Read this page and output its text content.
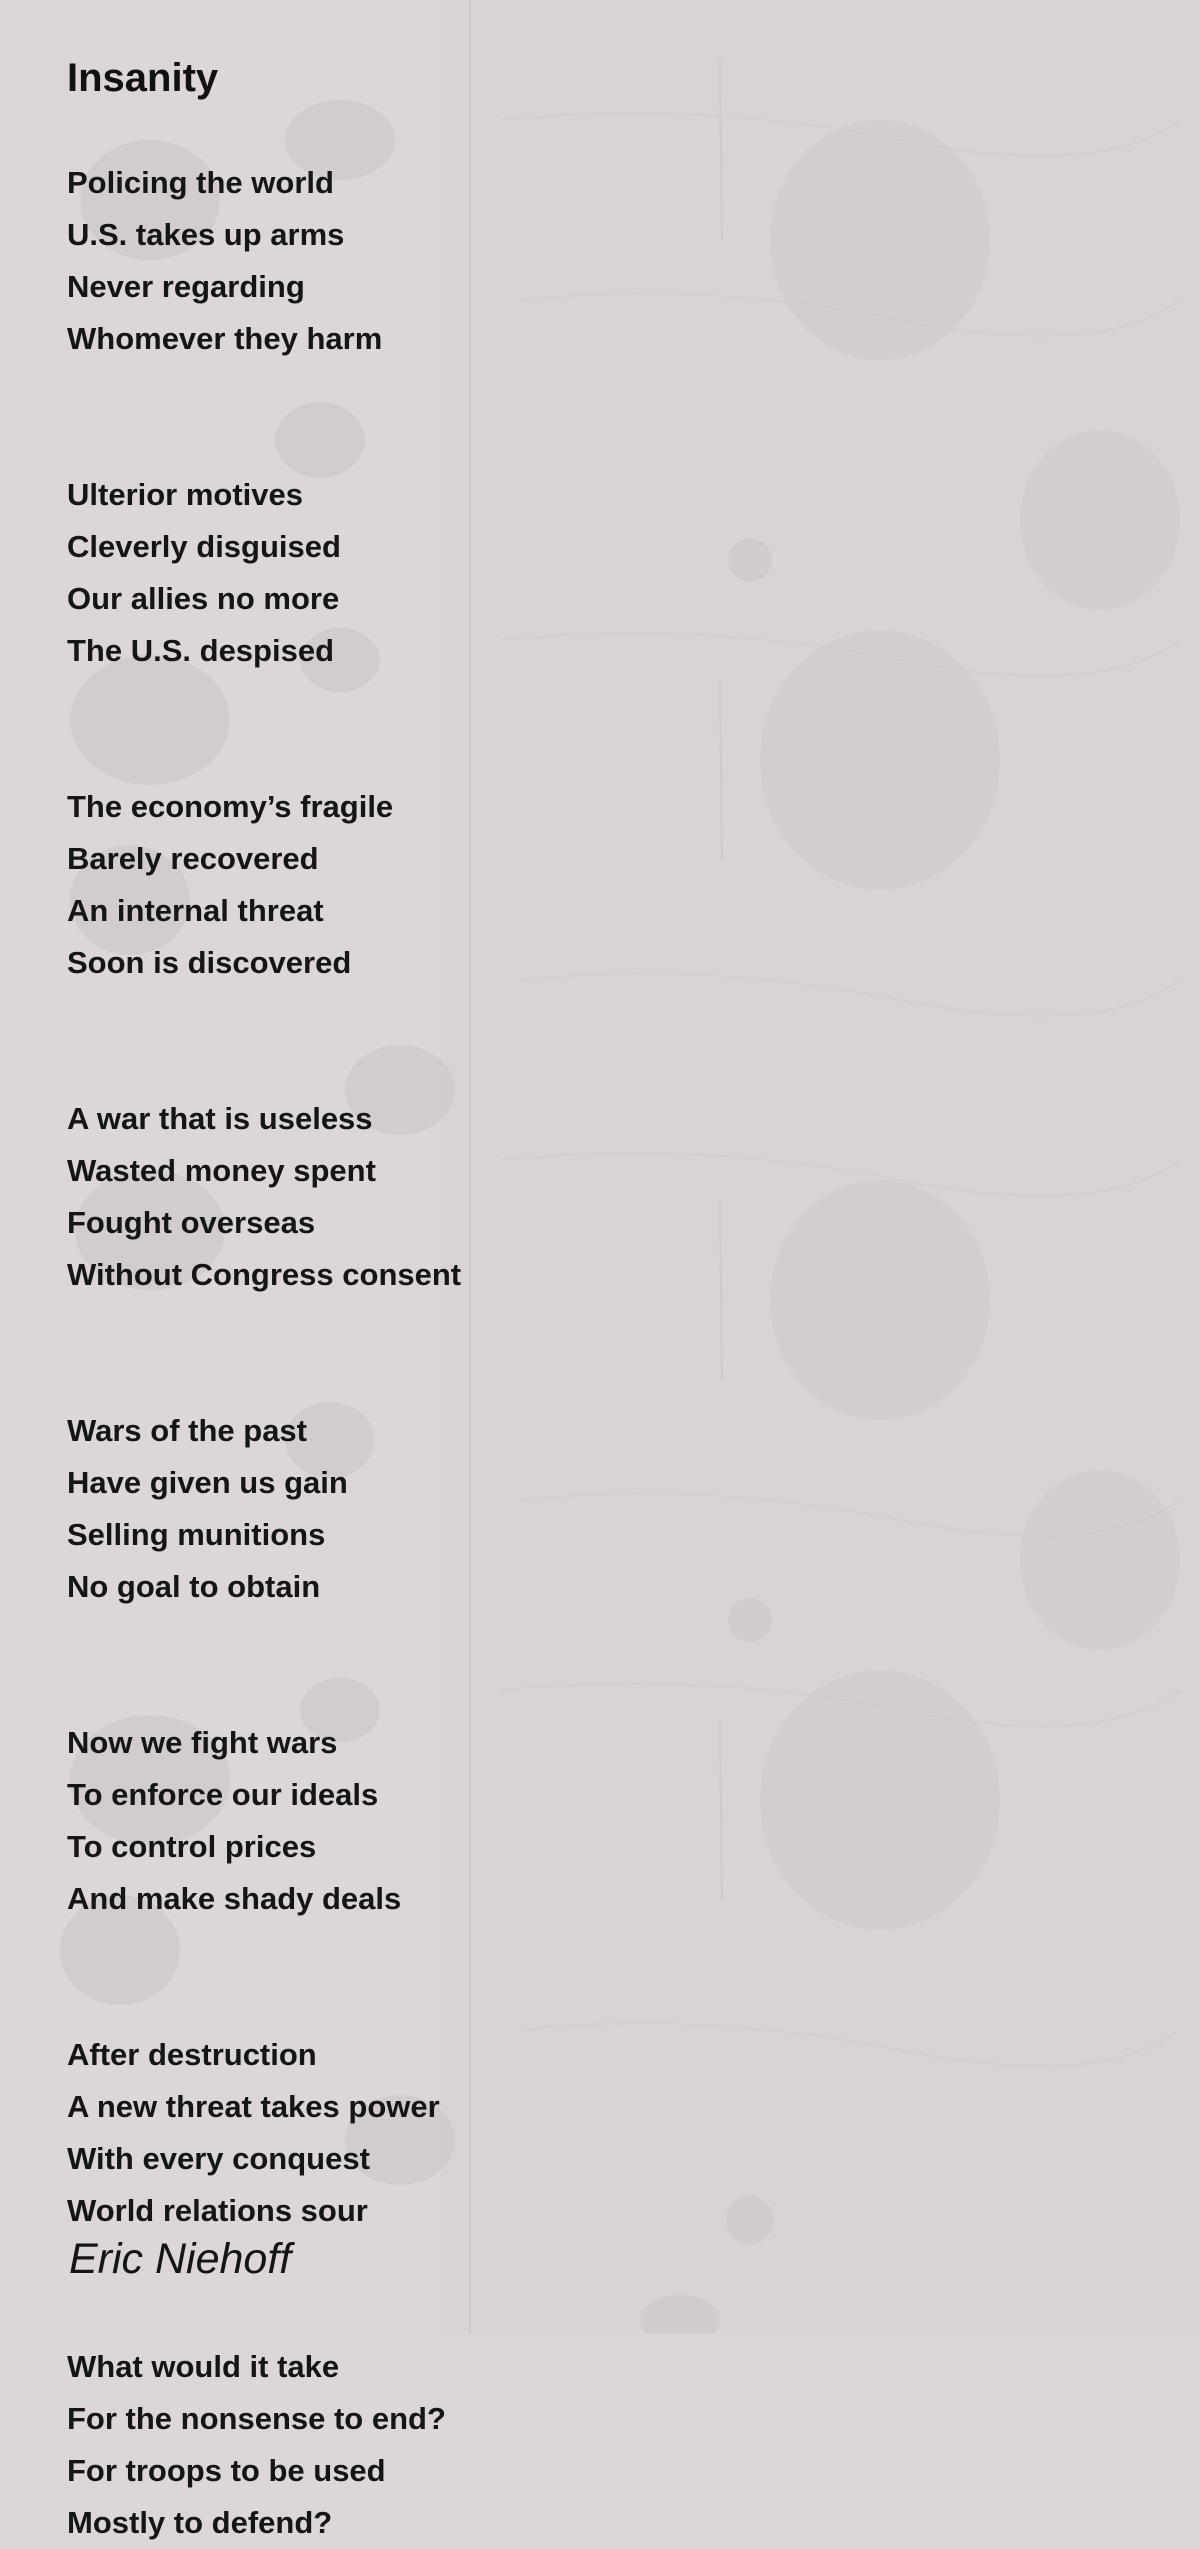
Insanity
Policing the world
U.S. takes up arms
Never regarding
Whomever they harm
Ulterior motives
Cleverly disguised
Our allies no more
The U.S. despised
The economy’s fragile
Barely recovered
An internal threat
Soon is discovered
A war that is useless
Wasted money spent
Fought overseas
Without Congress consent
Wars of the past
Have given us gain
Selling munitions
No goal to obtain
Now we fight wars
To enforce our ideals
To control prices
And make shady deals
After destruction
A new threat takes power
With every conquest
World relations sour
What would it take
For the nonsense to end?
For troops to be used
Mostly to defend?
Eric Niehoff
